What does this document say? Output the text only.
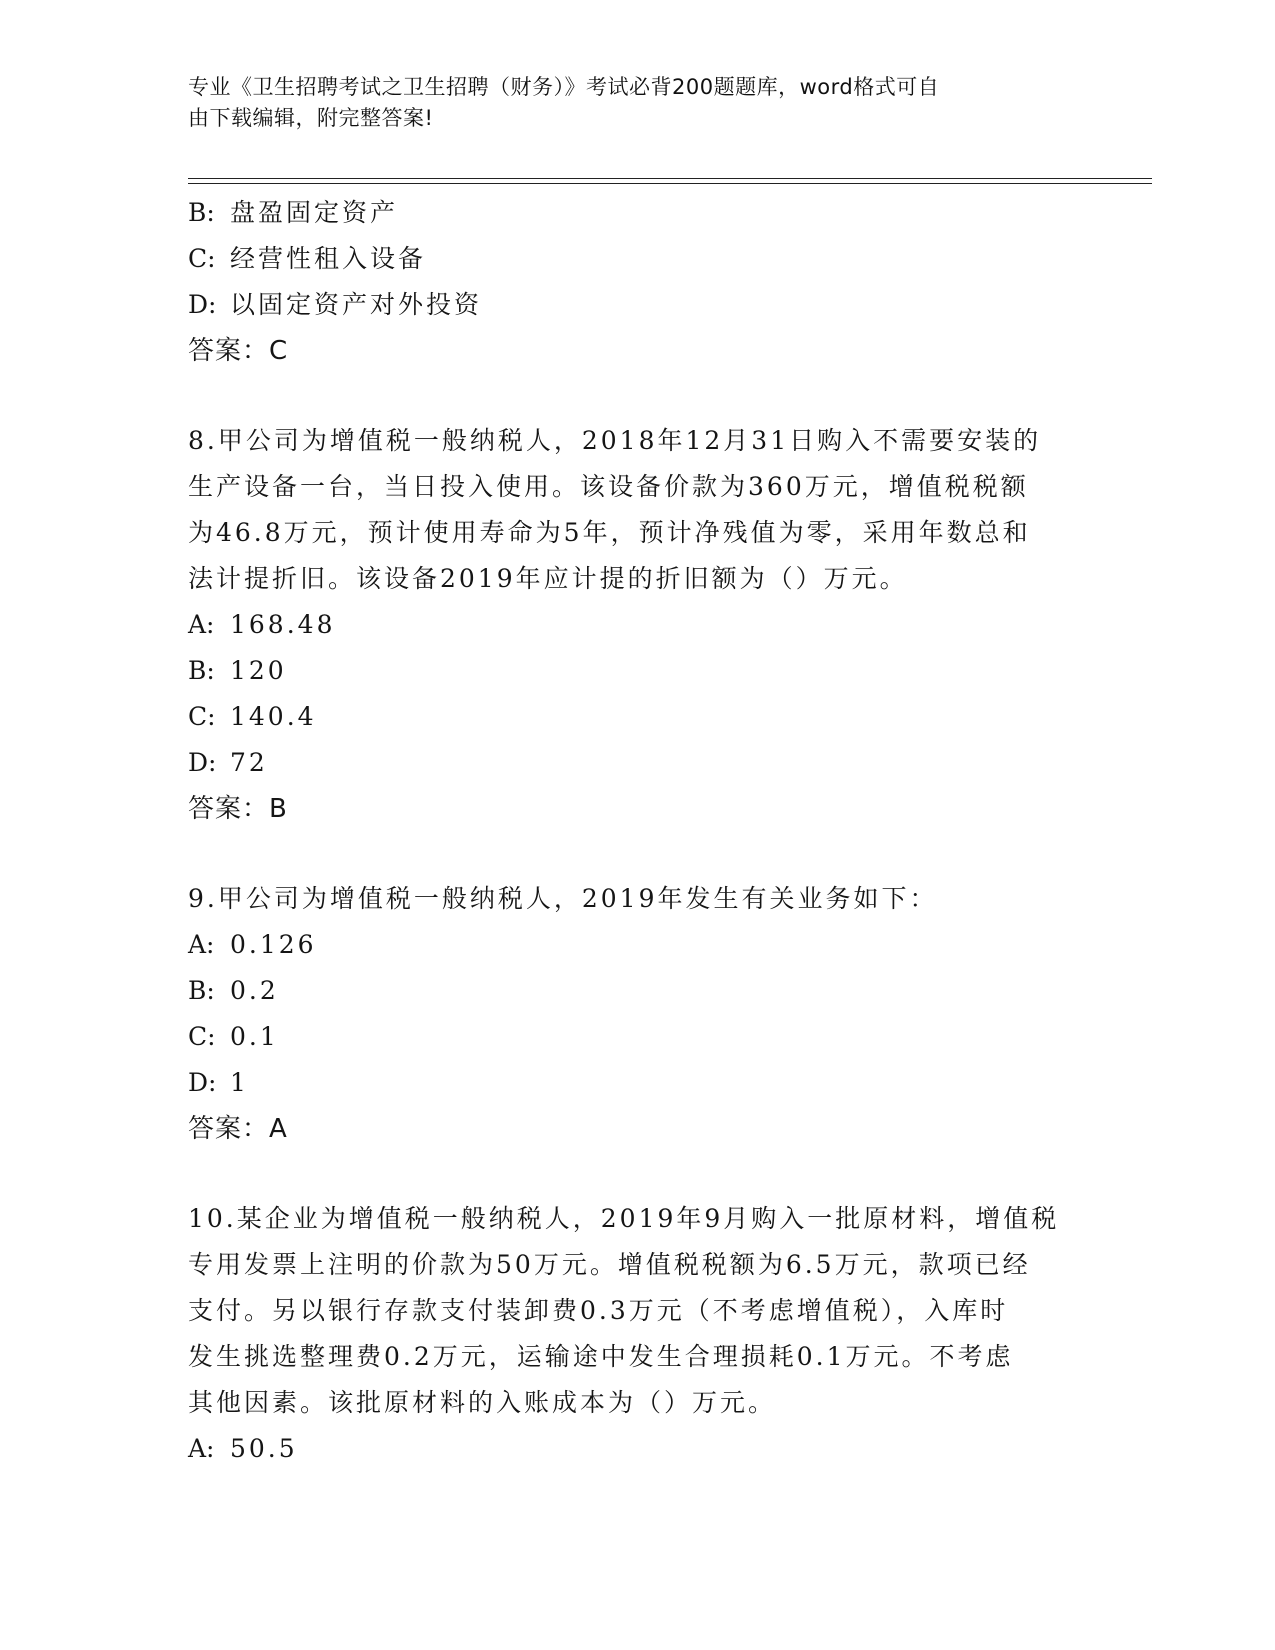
专业《卫生招聘考试之卫生招聘（财务）》考试必背200题题库，word格式可自
由下载编辑，附完整答案!
B: 盘盈固定资产
C: 经营性租入设备
D: 以固定资产对外投资
答案：C
8.甲公司为增值税一般纳税人，2018年12月31日购入不需要安装的
生产设备一台，当日投入使用。该设备价款为360万元，增值税税额
为46.8万元，预计使用寿命为5年，预计净残值为零，采用年数总和
法计提折旧。该设备2019年应计提的折旧额为（）万元。
A: 168.48
B: 120
C: 140.4
D: 72
答案：B
9.甲公司为增值税一般纳税人，2019年发生有关业务如下：
A: 0.126
B: 0.2
C: 0.1
D: 1
答案：A
10.某企业为增值税一般纳税人，2019年9月购入一批原材料，增值税
专用发票上注明的价款为50万元。增值税税额为6.5万元，款项已经
支付。另以银行存款支付装卸费0.3万元（不考虑增值税），入库时
发生挑选整理费0.2万元，运输途中发生合理损耗0.1万元。不考虑
其他因素。该批原材料的入账成本为（）万元。
A: 50.5
